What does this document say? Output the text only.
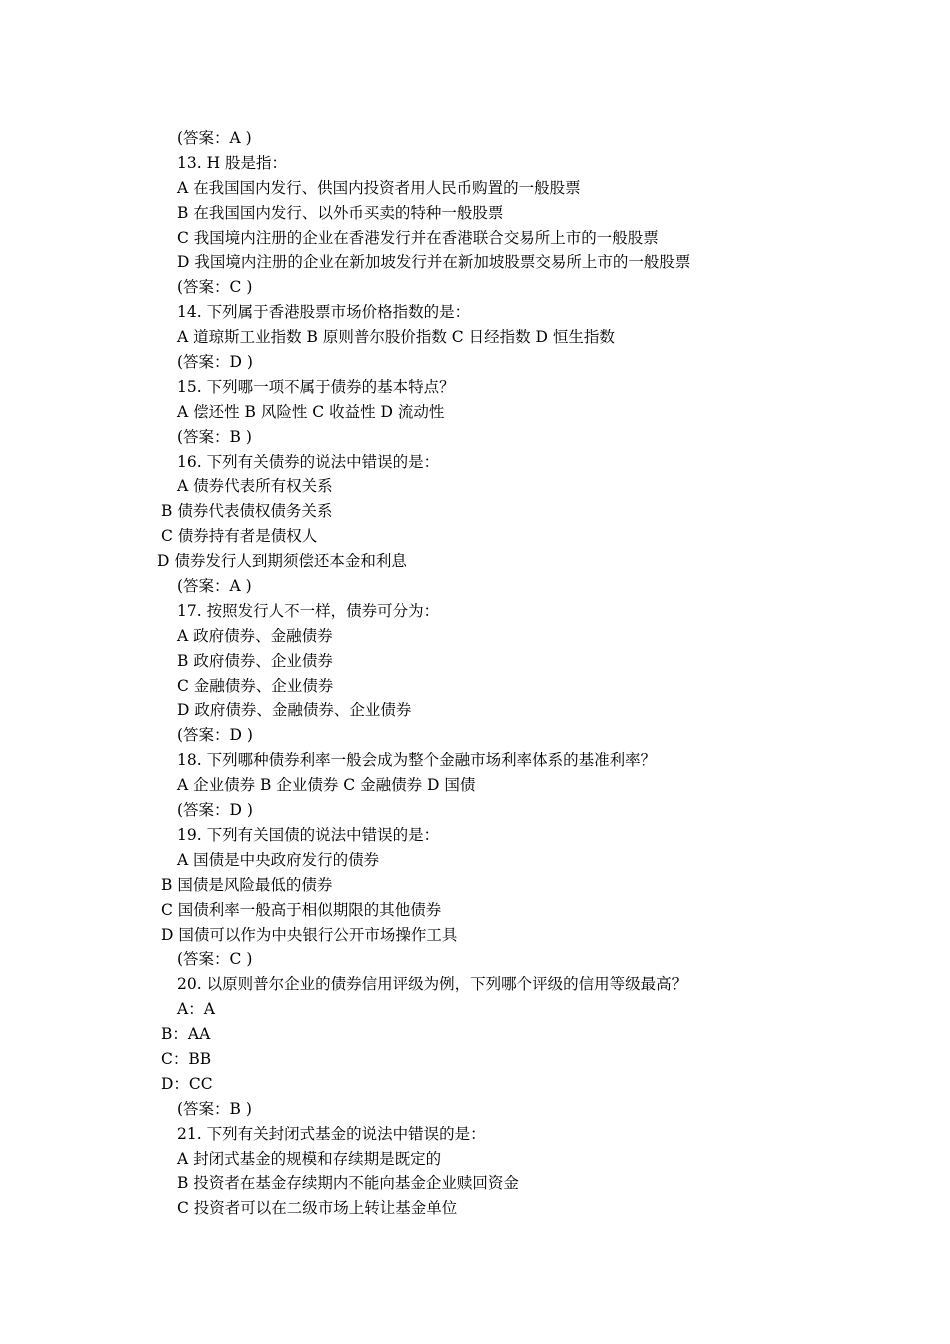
(答案：A )
13. H 股是指：
A 在我国国内发行、供国内投资者用人民币购置的一般股票
B 在我国国内发行、以外币买卖的特种一般股票
C 我国境内注册的企业在香港发行并在香港联合交易所上市的一般股票
D 我国境内注册的企业在新加坡发行并在新加坡股票交易所上市的一般股票
(答案：C )
14. 下列属于香港股票市场价格指数的是：
A 道琼斯工业指数 B 原则普尔股价指数 C 日经指数 D 恒生指数
(答案：D )
15. 下列哪一项不属于债券的基本特点？
A 偿还性 B 风险性 C 收益性 D 流动性
(答案：B )
16. 下列有关债券的说法中错误的是：
A 债券代表所有权关系
B 债券代表债权债务关系
C 债券持有者是债权人
D 债券发行人到期须偿还本金和利息
(答案：A )
17. 按照发行人不一样，债券可分为：
A 政府债券、金融债券
B 政府债券、企业债券
C 金融债券、企业债券
D 政府债券、金融债券、企业债券
(答案：D )
18. 下列哪种债券利率一般会成为整个金融市场利率体系的基准利率？
A 企业债券 B 企业债券 C 金融债券 D 国债
(答案：D )
19. 下列有关国债的说法中错误的是：
A 国债是中央政府发行的债券
B 国债是风险最低的债券
C 国债利率一般高于相似期限的其他债券
D 国债可以作为中央银行公开市场操作工具
(答案：C )
20. 以原则普尔企业的债券信用评级为例，下列哪个评级的信用等级最高？
A：A
B：AA
C：BB
D：CC
(答案：B )
21. 下列有关封闭式基金的说法中错误的是：
A 封闭式基金的规模和存续期是既定的
B 投资者在基金存续期内不能向基金企业赎回资金
C 投资者可以在二级市场上转让基金单位
